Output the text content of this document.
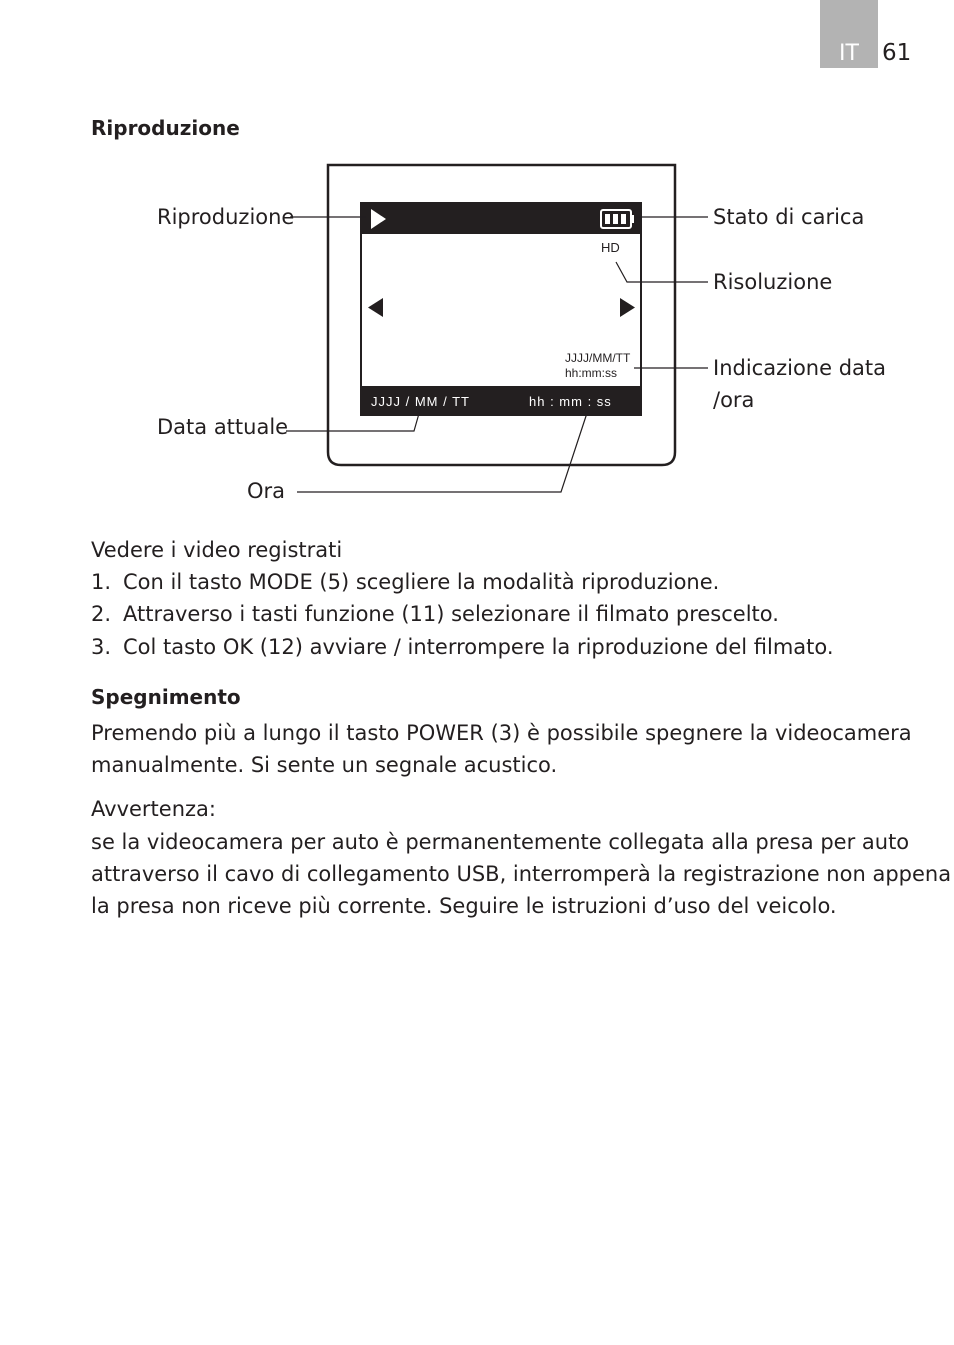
IT	61
Riproduzione
HD
JJJJ/MM/TT
hh:mm:ss
JJJJ / MM / TT	hh : mm : ss
Riproduzione	Stato di carica
Risoluzione
Indicazione data
/ora
Data attuale
Ora
Vedere i video registrati
1. Con il tasto MODE (5) scegliere la modalità riproduzione.
2. Attraverso i tasti funzione (11) selezionare il filmato prescelto.
3. Col tasto OK (12) avviare / interrompere la riproduzione del filmato.
Spegnimento
Premendo più a lungo il tasto POWER (3) è possibile spegnere la videocamera
manualmente. Si sente un segnale acustico.
Avvertenza:
se la videocamera per auto è permanentemente collegata alla presa per auto
attraverso il cavo di collegamento USB, interromperà la registrazione non appena
la presa non riceve più corrente. Seguire le istruzioni d’uso del veicolo.
